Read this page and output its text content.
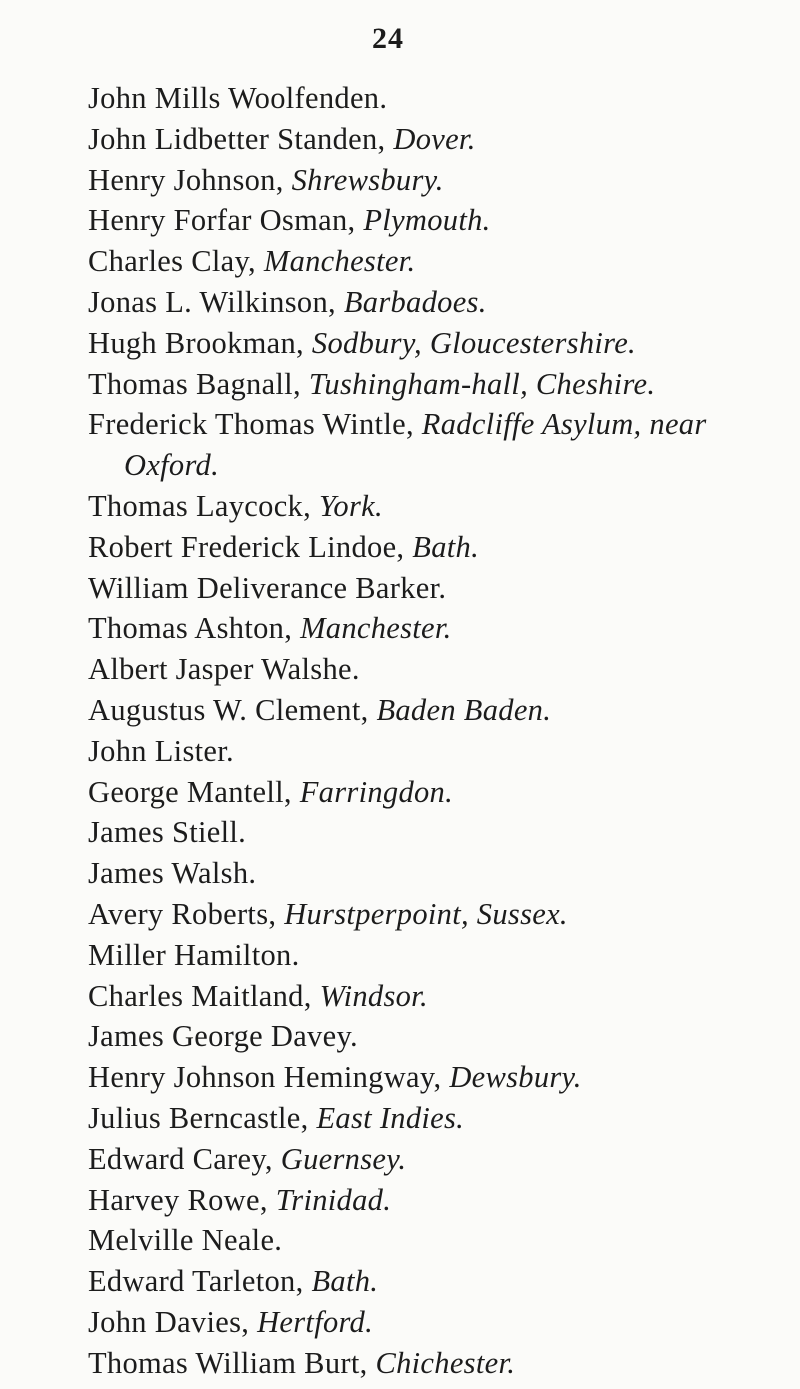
24
John Mills Woolfenden.
John Lidbetter Standen, Dover.
Henry Johnson, Shrewsbury.
Henry Forfar Osman, Plymouth.
Charles Clay, Manchester.
Jonas L. Wilkinson, Barbadoes.
Hugh Brookman, Sodbury, Gloucestershire.
Thomas Bagnall, Tushingham-hall, Cheshire.
Frederick Thomas Wintle, Radcliffe Asylum, near
Oxford.
Thomas Laycock, York.
Robert Frederick Lindoe, Bath.
William Deliverance Barker.
Thomas Ashton, Manchester.
Albert Jasper Walshe.
Augustus W. Clement, Baden Baden.
John Lister.
George Mantell, Farringdon.
James Stiell.
James Walsh.
Avery Roberts, Hurstperpoint, Sussex.
Miller Hamilton.
Charles Maitland, Windsor.
James George Davey.
Henry Johnson Hemingway, Dewsbury.
Julius Berncastle, East Indies.
Edward Carey, Guernsey.
Harvey Rowe, Trinidad.
Melville Neale.
Edward Tarleton, Bath.
John Davies, Hertford.
Thomas William Burt, Chichester.
